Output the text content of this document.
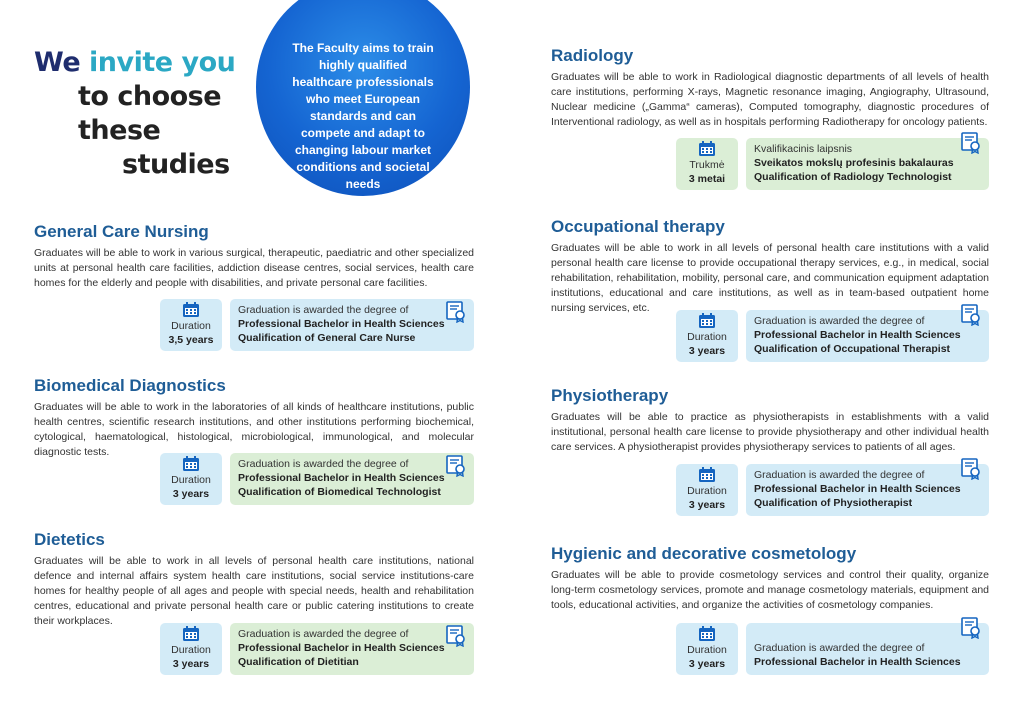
We invite you
to choose
these
studies
The Faculty aims to train highly qualified healthcare professionals who meet European standards and can compete and adapt to changing labour market conditions and societal needs
General Care Nursing
Graduates will be able to work in various surgical, therapeutic, paediatric and other specialized units at personal health care facilities, addiction disease centres, social services, health care homes for the elderly and people with disabilities, and private personal care facilities.
Duration
3,5 years
Graduation is awarded the degree of
Professional Bachelor in Health Sciences
Qualification of General Care Nurse
Biomedical Diagnostics
Graduates will be able to work in the laboratories of all kinds of healthcare institutions, public health centres, scientific research institutions, and other institutions performing biochemical, cytological, haematological, histological, microbiological, immunological, and molecular diagnostic tests.
Duration
3 years
Graduation is awarded the degree of
Professional Bachelor in Health Sciences
Qualification of Biomedical Technologist
Dietetics
Graduates will be able to work in all levels of personal health care institutions, national defence and internal affairs system health care institutions, social service institutions-care homes for healthy people of all ages and people with special needs, health and rehabilitation centres, educational and private personal health care or public catering institutions to create their workplaces.
Duration
3 years
Graduation is awarded the degree of
Professional Bachelor in Health Sciences
Qualification of Dietitian
Radiology
Graduates will be able to work in Radiological diagnostic departments of all levels of health care institutions, performing X-rays, Magnetic resonance imaging, Angiography, Ultrasound, Nuclear medicine („Gamma“ cameras), Computed tomography, diagnostic procedures of Interventional radiology, as well as in hospitals performing Radiotherapy for oncology patients.
Trukmė
3 metai
Kvalifikacinis laipsnis
Sveikatos mokslų profesinis bakalauras
Qualification of Radiology Technologist
Occupational therapy
Graduates will be able to work in all levels of personal health care institutions with a valid personal health care license to provide occupational therapy services, e.g., in medical, social rehabilitation, rehabilitation, mobility, personal care, and communication equipment adaptation institutions, educational and care institutions, as well as in team-based outpatient home nursing services, etc.
Duration
3 years
Graduation is awarded the degree of
Professional Bachelor in Health Sciences
Qualification of Occupational Therapist
Physiotherapy
Graduates will be able to practice as physiotherapists in establishments with a valid institutional, personal health care license to provide physiotherapy and other individual health care services. A physiotherapist provides physiotherapy services to patients of all ages.
Duration
3 years
Graduation is awarded the degree of
Professional Bachelor in Health Sciences
Qualification of Physiotherapist
Hygienic and decorative cosmetology
Graduates will be able to provide cosmetology services and control their quality, organize long-term cosmetology services, promote and manage cosmetology materials, equipment and tools, educational activities, and organize the activities of cosmetology companies.
Duration
3 years
Graduation is awarded the degree of
Professional Bachelor in Health Sciences
